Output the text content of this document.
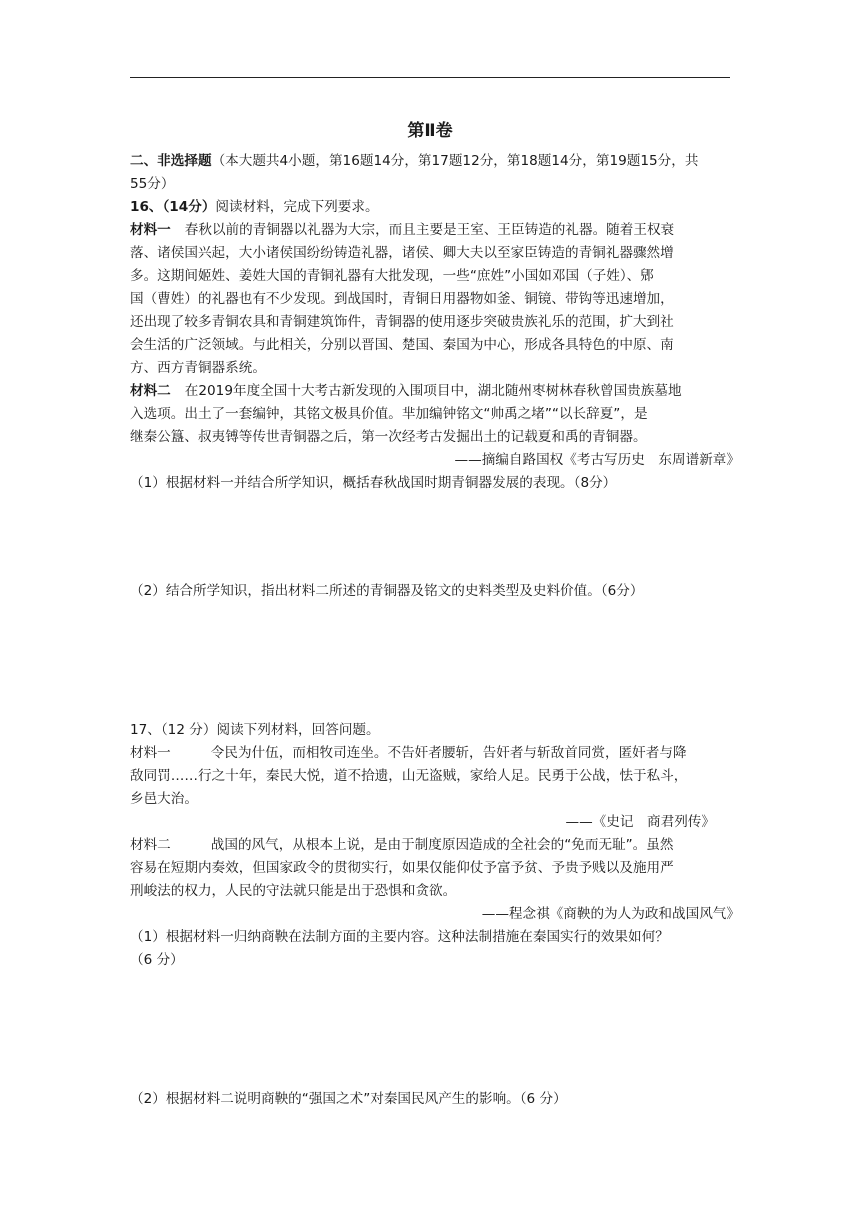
第Ⅱ卷
二、非选择题（本大题共4小题，第16题14分，第17题12分，第18题14分，第19题15分，共
55分）
16、（14分）阅读材料，完成下列要求。
材料一 春秋以前的青铜器以礼器为大宗，而且主要是王室、王臣铸造的礼器。随着王权衰
落、诸侯国兴起，大小诸侯国纷纷铸造礼器，诸侯、卿大夫以至家臣铸造的青铜礼器骤然增
多。这期间姬姓、姜姓大国的青铜礼器有大批发现，一些“庶姓”小国如邓国（子姓）、郳
国（曹姓）的礼器也有不少发现。到战国时，青铜日用器物如釜、铜镜、带钩等迅速增加，
还出现了较多青铜农具和青铜建筑饰件，青铜器的使用逐步突破贵族礼乐的范围，扩大到社
会生活的广泛领域。与此相关，分别以晋国、楚国、秦国为中心，形成各具特色的中原、南
方、西方青铜器系统。
材料二 在2019年度全国十大考古新发现的入围项目中，湖北随州枣树林春秋曾国贵族墓地
入选项。出土了一套编钟，其铭文极具价值。芈加编钟铭文“帅禹之堵”“以长辞夏”，是
继秦公簋、叔夷镈等传世青铜器之后，第一次经考古发掘出土的记载夏和禹的青铜器。
——摘编自路国权《考古写历史　东周谱新章》
（1）根据材料一并结合所学知识，概括春秋战国时期青铜器发展的表现。（8分）
（2）结合所学知识，指出材料二所述的青铜器及铭文的史料类型及史料价值。（6分）
17、（12 分）阅读下列材料，回答问题。
材料一	令民为什伍，而相牧司连坐。不告奸者腰斩，告奸者与斩敌首同赏，匿奸者与降
敌同罚……行之十年，秦民大悦，道不拾遗，山无盗贼，家给人足。民勇于公战，怯于私斗，
乡邑大治。
——《史记　商君列传》
材料二	战国的风气，从根本上说，是由于制度原因造成的全社会的“免而无耻”。虽然
容易在短期内奏效，但国家政令的贯彻实行，如果仅能仰仗予富予贫、予贵予贱以及施用严
刑峻法的权力，人民的守法就只能是出于恐惧和贪欲。
——程念祺《商鞅的为人为政和战国风气》
（1）根据材料一归纳商鞅在法制方面的主要内容。这种法制措施在秦国实行的效果如何？
（6 分）
（2）根据材料二说明商鞅的“强国之术”对秦国民风产生的影响。（6 分）
